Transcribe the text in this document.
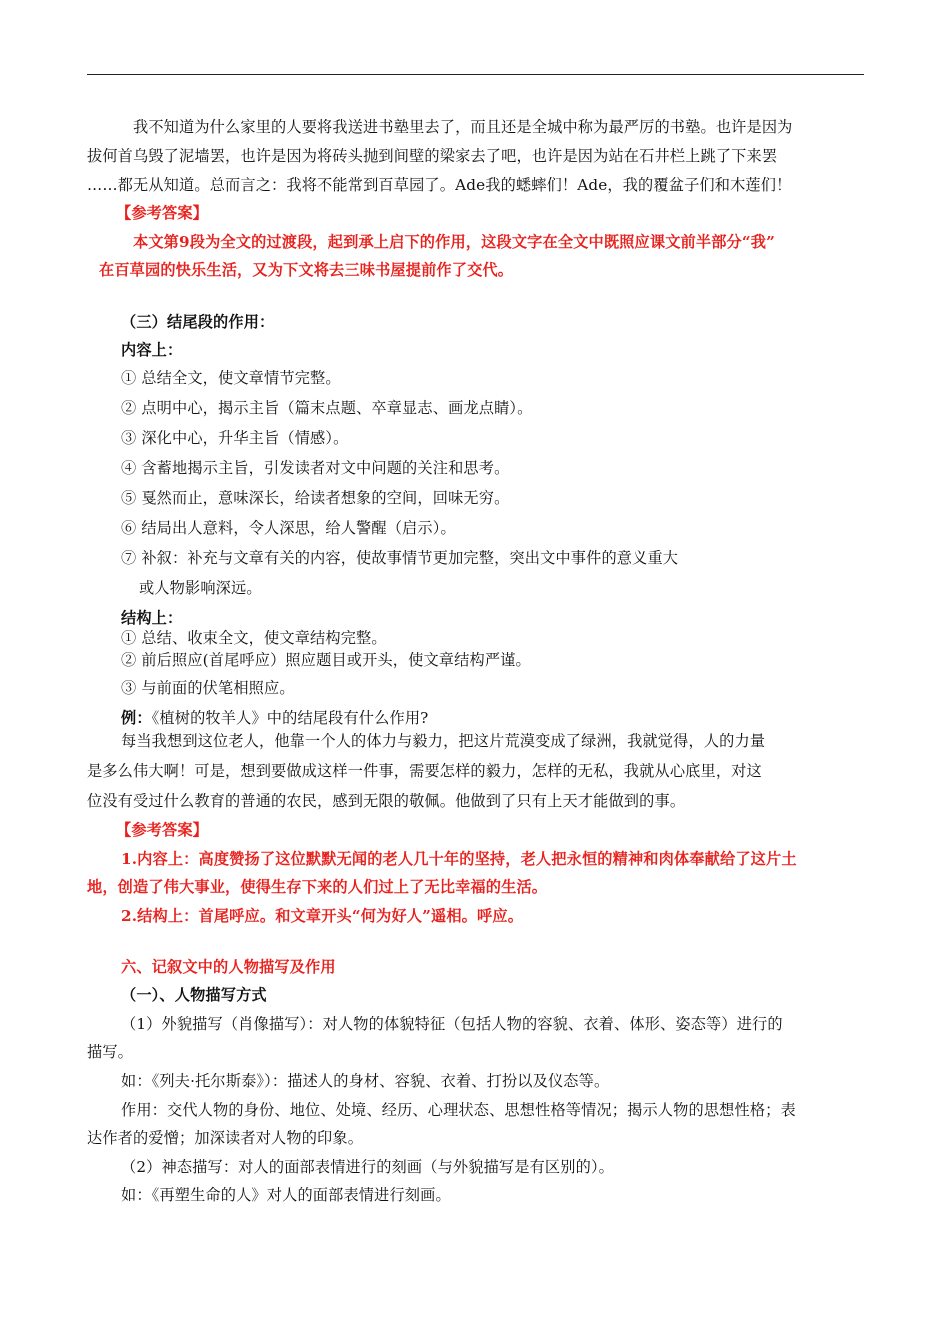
我不知道为什么家里的人要将我送进书塾里去了，而且还是全城中称为最严厉的书塾。也许是因为
拔何首乌毁了泥墙罢，也许是因为将砖头抛到间壁的梁家去了吧，也许是因为站在石井栏上跳了下来罢
……都无从知道。总而言之：我将不能常到百草园了。Ade我的蟋蟀们！Ade，我的覆盆子们和木莲们！
【参考答案】
本文第9段为全文的过渡段，起到承上启下的作用，这段文字在全文中既照应课文前半部分“我”
在百草园的快乐生活，又为下文将去三味书屋提前作了交代。
（三）结尾段的作用：
内容上：
① 总结全文，使文章情节完整。
② 点明中心，揭示主旨（篇末点题、卒章显志、画龙点睛）。
③ 深化中心，升华主旨（情感）。
④ 含蓄地揭示主旨，引发读者对文中问题的关注和思考。
⑤ 戛然而止，意味深长，给读者想象的空间，回味无穷。
⑥ 结局出人意料，令人深思，给人警醒（启示）。
⑦ 补叙：补充与文章有关的内容，使故事情节更加完整，突出文中事件的意义重大
或人物影响深远。
结构上：
① 总结、收束全文，使文章结构完整。
② 前后照应(首尾呼应）照应题目或开头，使文章结构严谨。
③ 与前面的伏笔相照应。
例：《植树的牧羊人》中的结尾段有什么作用?
每当我想到这位老人，他靠一个人的体力与毅力，把这片荒漠变成了绿洲，我就觉得，人的力量
是多么伟大啊！可是，想到要做成这样一件事，需要怎样的毅力，怎样的无私，我就从心底里，对这
位没有受过什么教育的普通的农民，感到无限的敬佩。他做到了只有上天才能做到的事。
【参考答案】
1.内容上：高度赞扬了这位默默无闻的老人几十年的坚持，老人把永恒的精神和肉体奉献给了这片土
地，创造了伟大事业，使得生存下来的人们过上了无比幸福的生活。
2.结构上：首尾呼应。和文章开头“何为好人”遥相。呼应。
六、记叙文中的人物描写及作用
（一）、人物描写方式
（1）外貌描写（肖像描写）：对人物的体貌特征（包括人物的容貌、衣着、体形、姿态等）进行的
描写。
如：《列夫·托尔斯泰》）：描述人的身材、容貌、衣着、打扮以及仪态等。
作用：交代人物的身份、地位、处境、经历、心理状态、思想性格等情况；揭示人物的思想性格；表
达作者的爱憎；加深读者对人物的印象。
（2）神态描写：对人的面部表情进行的刻画（与外貌描写是有区别的）。
如：《再塑生命的人》对人的面部表情进行刻画。
